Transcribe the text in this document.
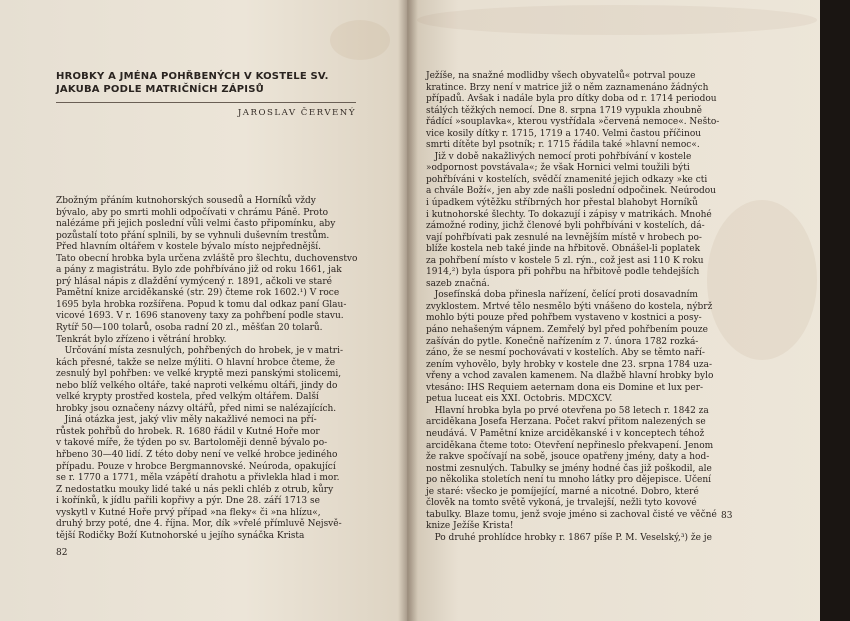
HROBKY A JMÉNA POHŘBENÝCH V KOSTELE SV. JAKUBA PODLE MATRIČNÍCH ZÁPISŮ
JAROSLAV ČERVENÝ
Zbožným přáním kutnohorských sousedů a Horníků vždy
bývalo, aby po smrti mohli odpočívati v chrámu Páně. Proto
nalézáme při jejich poslední vůli velmi často připomínku, aby
pozůstalí toto přání splnili, by se vyhnuli duševním trestům.
Před hlavním oltářem v kostele bývalo místo nejpřednější.
Tato obecní hrobka byla určena zvláště pro šlechtu, duchovenstvo
a pány z magistrátu. Bylo zde pohřbíváno již od roku 1661, jak
prý hlásal nápis z dlaždění vymýcený r. 1891, ačkoli ve staré
Pamětní knize arciděkanské (str. 29) čteme rok 1602.¹) V roce
1695 byla hrobka rozšířena. Popud k tomu dal odkaz paní Glau-
vicové 1693. V r. 1696 stanoveny taxy za pohřbení podle stavu.
Rytíř 50—100 tolarů, osoba radní 20 zl., měšťan 20 tolarů.
Tenkrát bylo zřízeno i větrání hrobky.
Určování místa zesnulých, pohřbených do hrobek, je v matri-
kách přesné, takže se nelze mýliti. O hlavní hrobce čteme, že
zesnulý byl pohřben: ve velké kryptě mezi panskými stolicemi,
nebo blíž velkého oltáře, také naproti velkému oltáři, jindy do
velké krypty prostřed kostela, před velkým oltářem. Další
hrobky jsou označeny názvy oltářů, před nimi se nalézajících.
Jiná otázka jest, jaký vliv měly nakažlivé nemoci na pří-
růstek pohřbů do hrobek. R. 1680 řádil v Kutné Hoře mor
v takové míře, že týden po sv. Bartoloměji denně bývalo po-
hřbeno 30—40 lidí. Z této doby není ve velké hrobce jediného
případu. Pouze v hrobce Bergmannovské. Neúroda, opakující
se r. 1770 a 1771, měla vzápětí drahotu a přivlekla hlad i mor.
Z nedostatku mouky lidé také u nás pekli chléb z otrub, kůry
i kořínků, k jídlu pařili kopřivy a pýr. Dne 28. září 1713 se
vyskytl v Kutné Hoře prvý případ »na fleky« či »na hlízu«,
druhý brzy poté, dne 4. října. Mor, dík »vřelé přímluvě Nejsvě-
tější Rodičky Boží Kutnohorské u jejího synáčka Krista
82
83
Ježíše, na snažné modlidby všech obyvatelů« potrval pouze
kratince. Brzy není v matrice již o něm zaznamenáno žádných
případů. Avšak i nadále byla pro dítky doba od r. 1714 periodou
stálých těžkých nemocí. Dne 8. srpna 1719 vypukla zhoubně
řádící »souplavka«, kterou vystřídala »červená nemoce«. Nešto-
vice kosily dítky r. 1715, 1719 a 1740. Velmi častou příčinou
smrti dítěte byl psotník; r. 1715 řádila také »hlavní nemoc«.
Již v době nakažlivých nemocí proti pohřbívání v kostele
»odpornost povstávala«; že však Hornici velmi toužili býti
pohřbíváni v kostelích, svědčí znamenité jejich odkazy »ke cti
a chvále Boží«, jen aby zde našli poslední odpočinek. Neúrodou
i úpadkem výtěžku stříbrných hor přestal blahobyt Horníků
i kutnohorské šlechty. To dokazují i zápisy v matrikách. Mnohé
zámožné rodiny, jichž členové byli pohřbíváni v kostelích, dá-
vají pohřbívati pak zesnulé na levnějším místě v hrobech po-
blíže kostela neb také jinde na hřbitově. Obnášel-li poplatek
za pohřbení místo v kostele 5 zl. rýn., což jest asi 110 K roku
1914,²) byla úspora při pohřbu na hřbitově podle tehdejších
sazeb značná.
Josefínská doba přinesla nařízení, čelící proti dosavadním
zvyklostem. Mrtvé tělo nesmělo býti vnášeno do kostela, nýbrž
mohlo býti pouze před pohřbem vystaveno v kostnici a posy-
páno nehašeným vápnem. Zemřelý byl před pohřbením pouze
zašíván do pytle. Konečně nařízením z 7. února 1782 rozká-
záno, že se nesmí pochovávati v kostelích. Aby se těmto naří-
zením vyhovělo, byly hrobky v kostele dne 23. srpna 1784 uza-
vřeny a vchod zavalen kamenem. Na dlažbě hlavní hrobky bylo
vtesáno: IHS Requiem aeternam dona eis Domine et lux per-
petua luceat eis XXI. Octobris. MDCXCV.
Hlavní hrobka byla po prvé otevřena po 58 letech r. 1842 za
arciděkana Josefa Herzana. Počet rakví přitom nalezených se
neudává. V Pamětní knize arciděkanské i v konceptech téhož
arciděkana čteme toto: Otevření nepřineslo překvapení. Jenom
že rakve spočívají na sobě, jsouce opatřeny jmény, daty a hod-
nostmi zesnulých. Tabulky se jmény hodné čas již poškodil, ale
po několika stoletích není tu mnoho látky pro dějepisce. Učení
je staré: všecko je pomíjející, marné a nicotné. Dobro, které
člověk na tomto světě vykoná, je trvalejší, nežli tyto kovové
tabulky. Blaze tomu, jenž svoje jméno si zachoval čisté ve věčné
knize Ježíše Krista!
Po druhé prohlídce hrobky r. 1867 píše P. M. Veselský,³) že je
